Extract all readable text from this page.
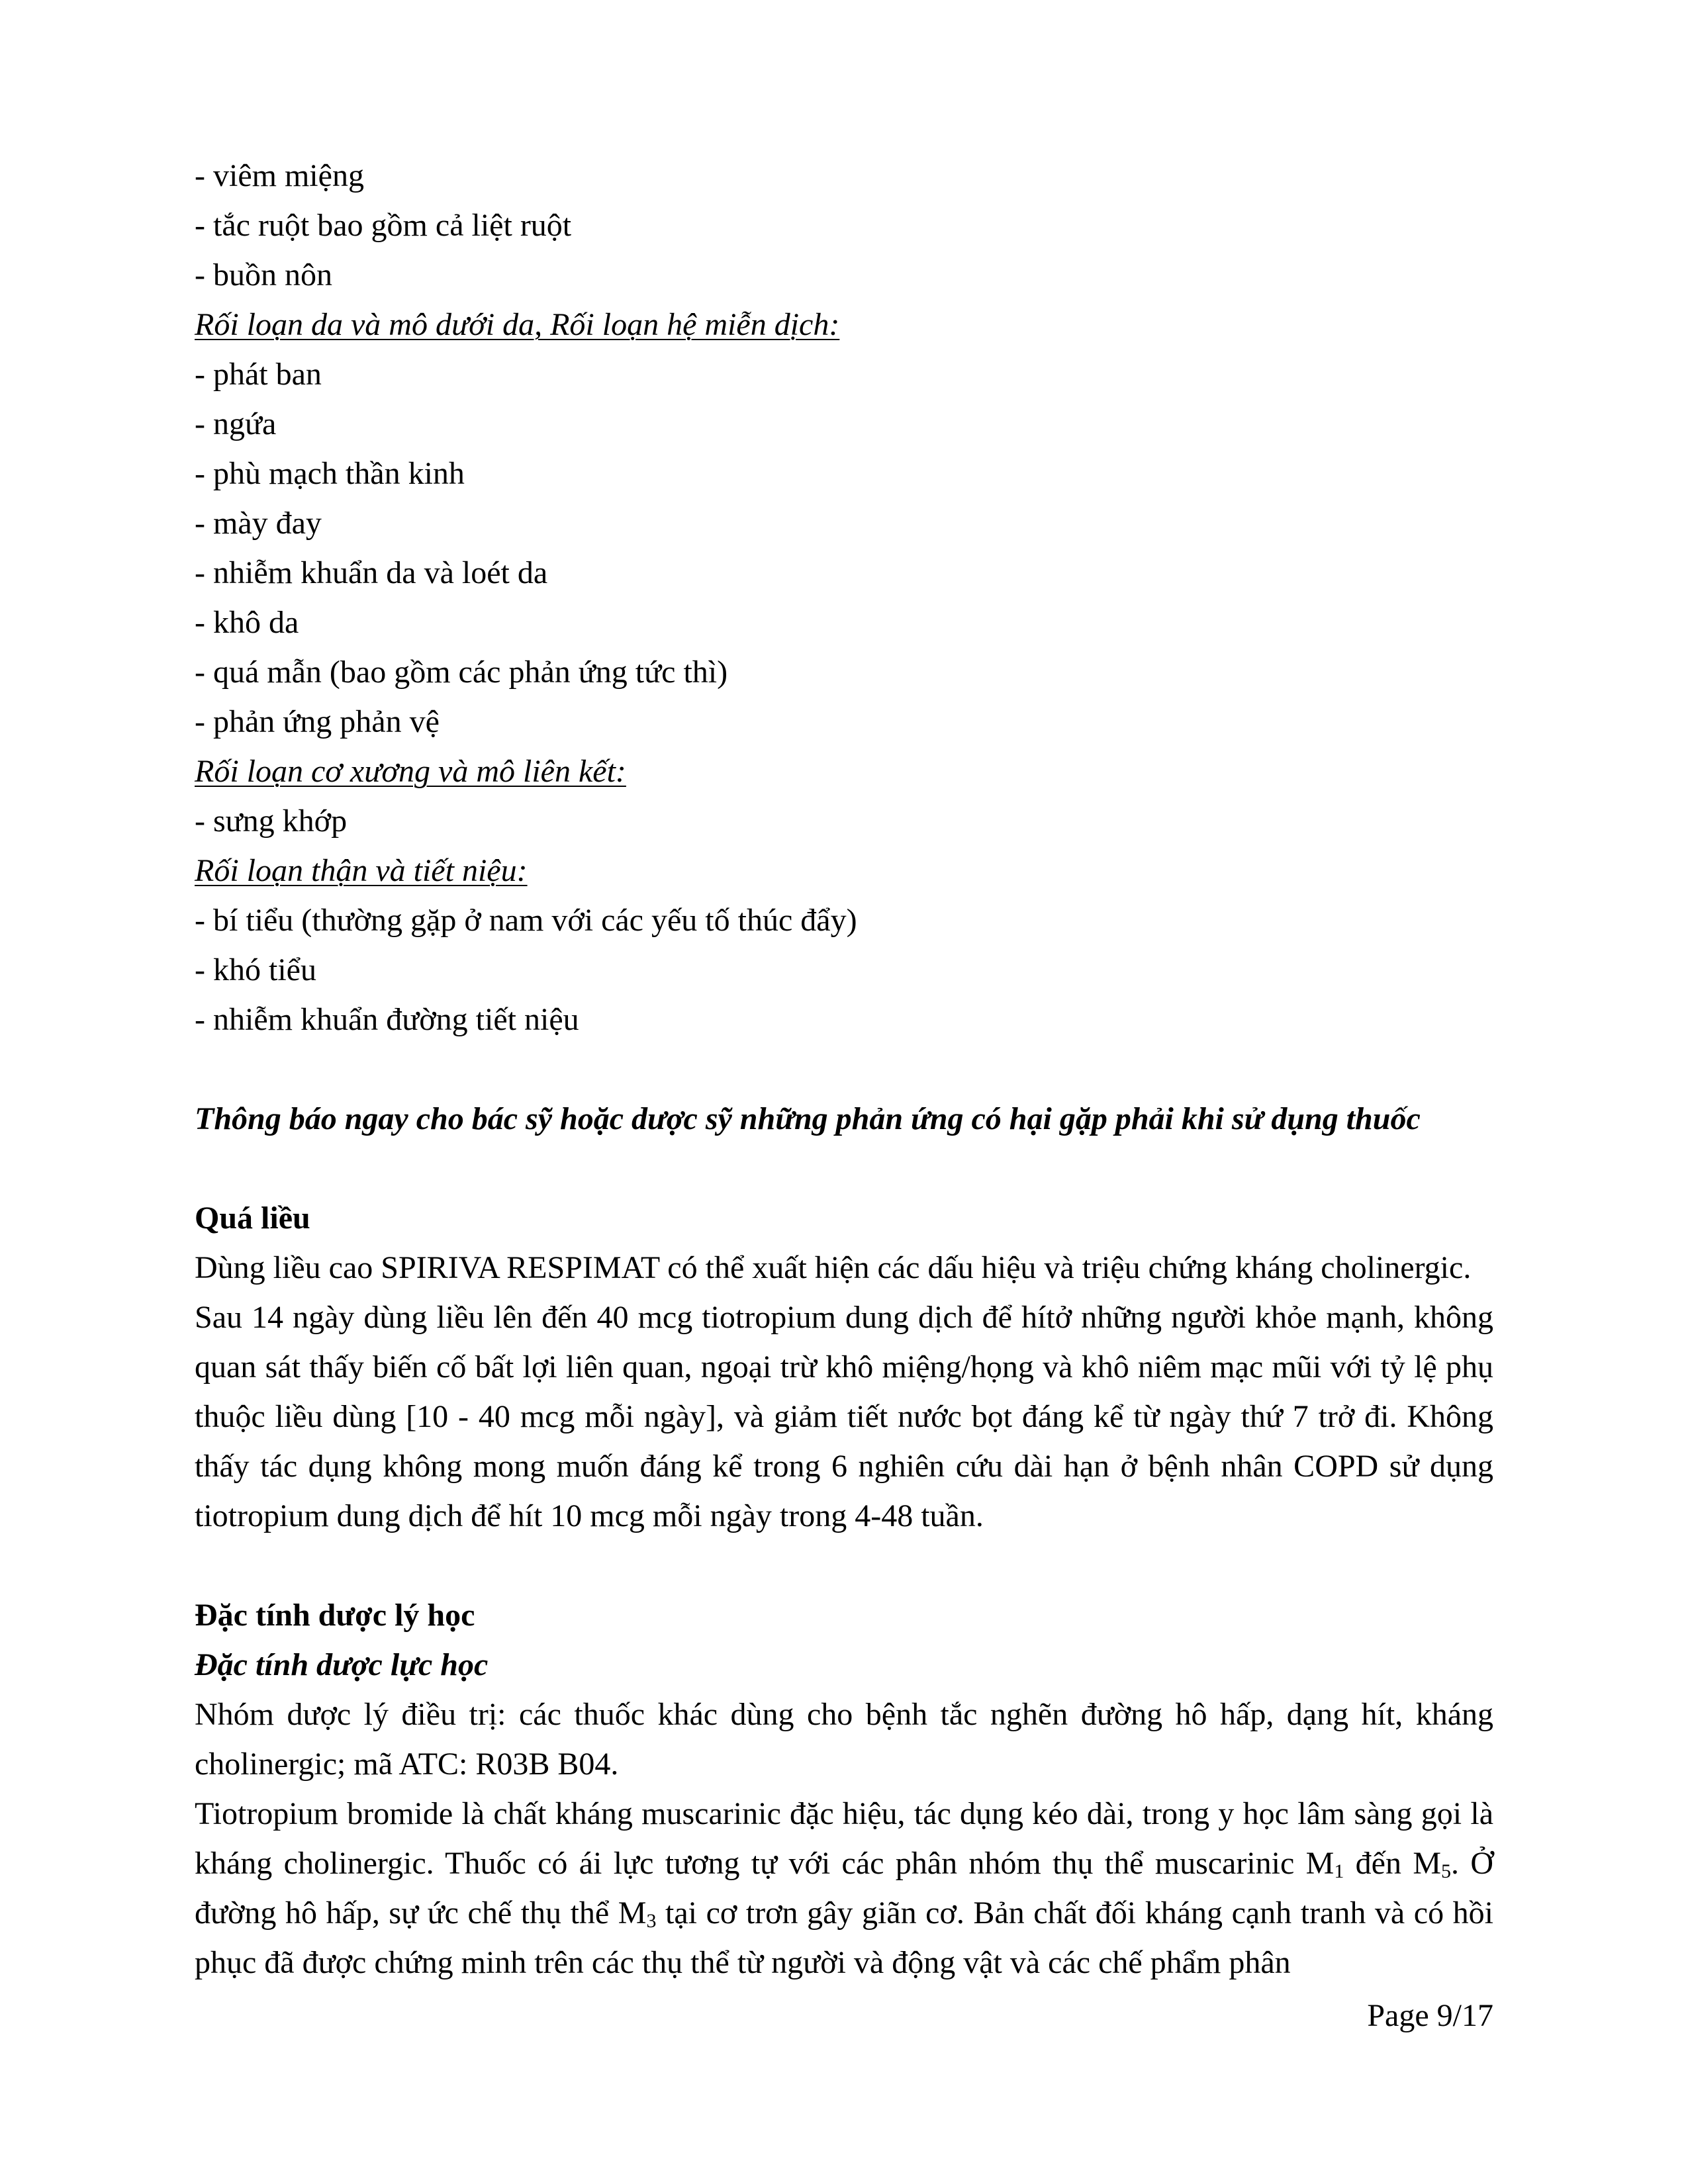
- viêm miệng
- tắc ruột bao gồm cả liệt ruột
- buồn nôn
Rối loạn da và mô dưới da, Rối loạn hệ miễn dịch:
- phát ban
- ngứa
- phù mạch thần kinh
- mày đay
- nhiễm khuẩn da và loét da
- khô da
- quá mẫn (bao gồm các phản ứng tức thì)
- phản ứng phản vệ
Rối loạn cơ xương và mô liên kết:
- sưng khớp
Rối loạn thận và tiết niệu:
- bí tiểu (thường gặp ở nam với các yếu tố thúc đẩy)
- khó tiểu
- nhiễm khuẩn đường tiết niệu
Thông báo ngay cho bác sỹ hoặc dược sỹ những phản ứng có hại gặp phải khi sử dụng thuốc
Quá liều

Dùng liều cao SPIRIVA RESPIMAT có thể xuất hiện các dấu hiệu và triệu chứng kháng cholinergic.

Sau 14 ngày dùng liều lên đến 40 mcg tiotropium dung dịch để hítở những người khỏe mạnh, không quan sát thấy biến cố bất lợi liên quan, ngoại trừ khô miệng/họng và khô niêm mạc mũi với tỷ lệ phụ thuộc liều dùng [10 - 40 mcg mỗi ngày], và giảm tiết nước bọt đáng kể từ ngày thứ 7 trở đi. Không thấy tác dụng không mong muốn đáng kể trong 6 nghiên cứu dài hạn ở bệnh nhân COPD sử dụng tiotropium dung dịch để hít 10 mcg mỗi ngày trong 4-48 tuần.

Đặc tính dược lý học
Đặc tính dược lực học

Nhóm dược lý điều trị: các thuốc khác dùng cho bệnh tắc nghẽn đường hô hấp, dạng hít, kháng cholinergic; mã ATC: R03B B04.

Tiotropium bromide là chất kháng muscarinic đặc hiệu, tác dụng kéo dài, trong y học lâm sàng gọi là kháng cholinergic. Thuốc có ái lực tương tự với các phân nhóm thụ thể muscarinic $M_1$ đến $M_5$. Ở đường hô hấp, sự ức chế thụ thể $M_3$ tại cơ trơn gây giãn cơ. Bản chất đối kháng cạnh tranh và có hồi phục đã được chứng minh trên các thụ thể từ người và động vật và các chế phẩm phân

Page 9/17
